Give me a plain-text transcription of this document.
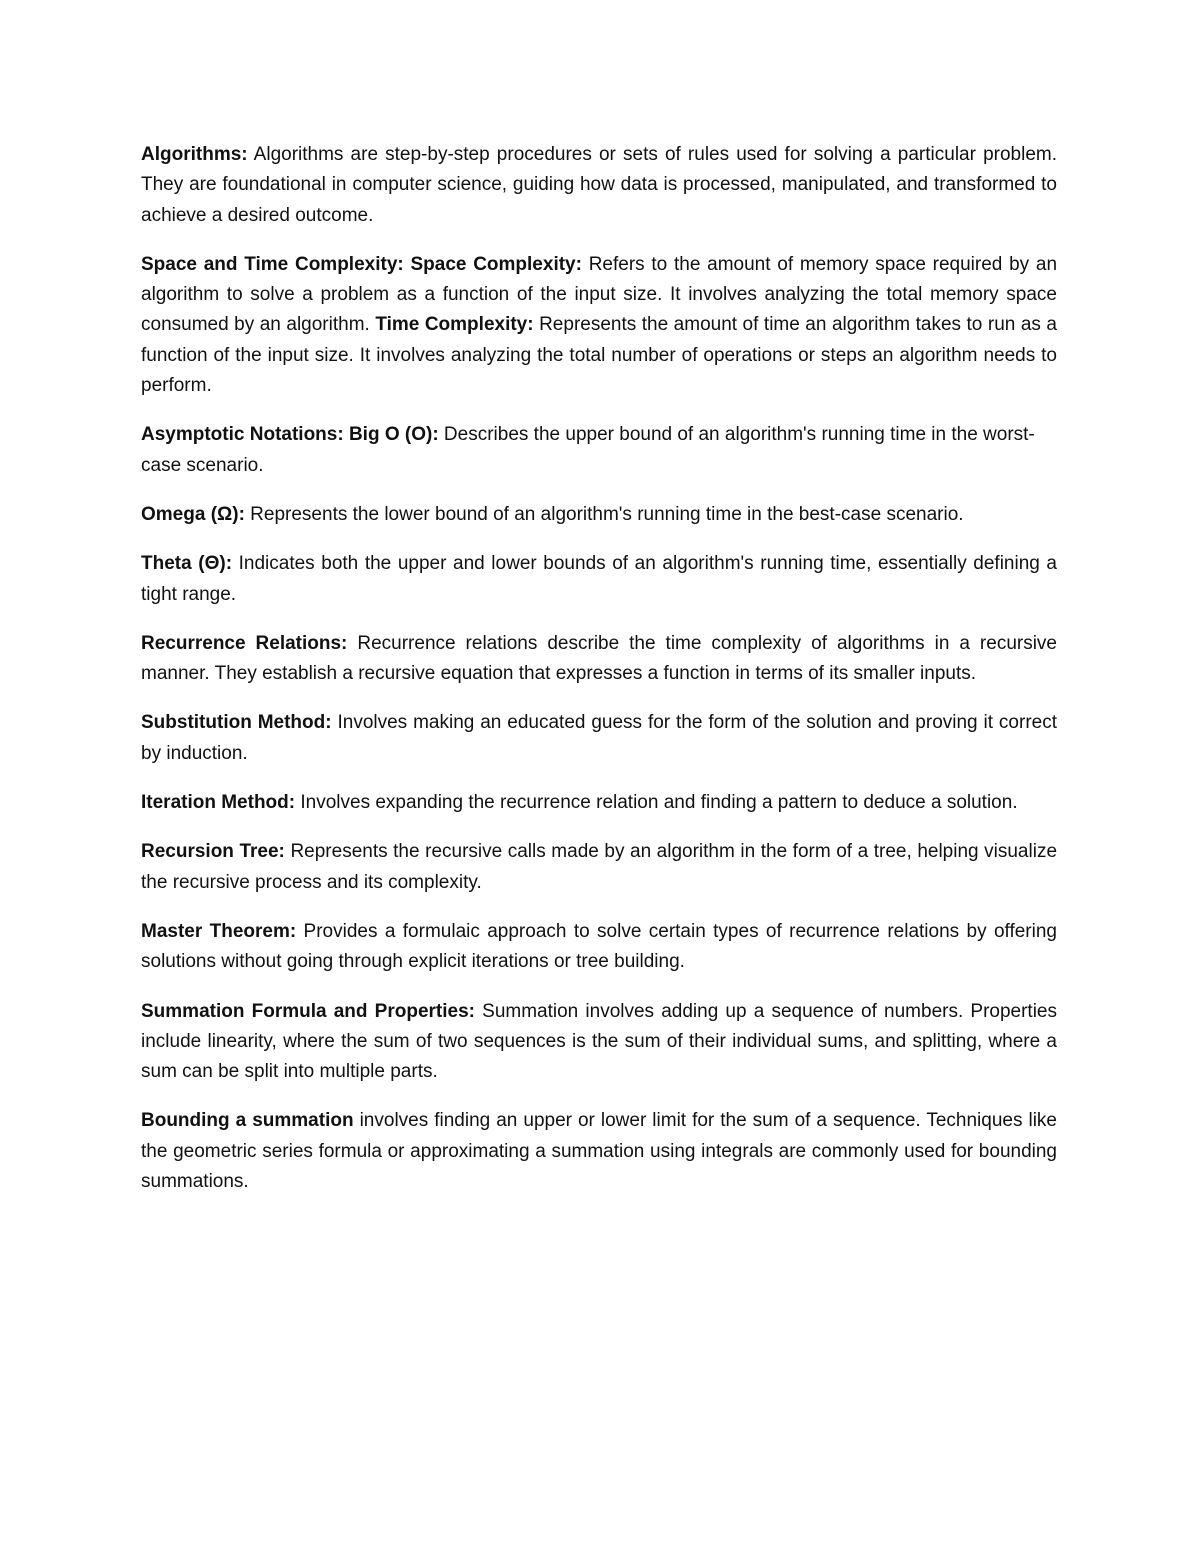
Algorithms: Algorithms are step-by-step procedures or sets of rules used for solving a particular problem. They are foundational in computer science, guiding how data is processed, manipulated, and transformed to achieve a desired outcome.

Space and Time Complexity: Space Complexity: Refers to the amount of memory space required by an algorithm to solve a problem as a function of the input size. It involves analyzing the total memory space consumed by an algorithm. Time Complexity: Represents the amount of time an algorithm takes to run as a function of the input size. It involves analyzing the total number of operations or steps an algorithm needs to perform.

Asymptotic Notations: Big O (O): Describes the upper bound of an algorithm's running time in the worst-case scenario.

Omega (Ω): Represents the lower bound of an algorithm's running time in the best-case scenario.

Theta (Θ): Indicates both the upper and lower bounds of an algorithm's running time, essentially defining a tight range.

Recurrence Relations: Recurrence relations describe the time complexity of algorithms in a recursive manner. They establish a recursive equation that expresses a function in terms of its smaller inputs.

Substitution Method: Involves making an educated guess for the form of the solution and proving it correct by induction.

Iteration Method: Involves expanding the recurrence relation and finding a pattern to deduce a solution.

Recursion Tree: Represents the recursive calls made by an algorithm in the form of a tree, helping visualize the recursive process and its complexity.

Master Theorem: Provides a formulaic approach to solve certain types of recurrence relations by offering solutions without going through explicit iterations or tree building.

Summation Formula and Properties: Summation involves adding up a sequence of numbers. Properties include linearity, where the sum of two sequences is the sum of their individual sums, and splitting, where a sum can be split into multiple parts.

Bounding a summation involves finding an upper or lower limit for the sum of a sequence. Techniques like the geometric series formula or approximating a summation using integrals are commonly used for bounding summations.
